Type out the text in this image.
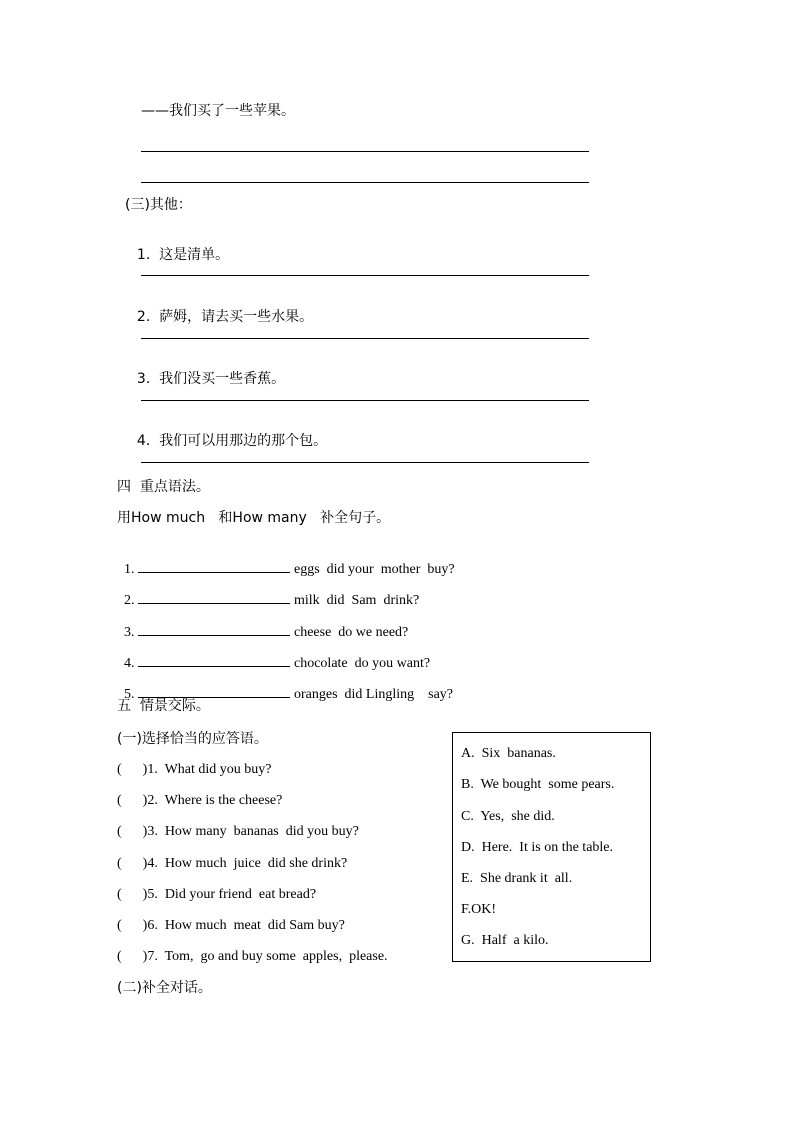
——我们买了一些苹果。
(三)其他：

1. 这是清单。

2. 萨姆，请去买一些水果。

3. 我们没买一些香蕉。

4. 我们可以用那边的那个包。

四  重点语法。
用How much   和How many   补全句子。

1.	eggs  did your  mother  buy?

2.	milk  did  Sam  drink?

3.	cheese  do we need?

4.	chocolate  do you want?

5.	oranges  did Lingling    say?

五  情景交际。
(一)选择恰当的应答语。
(      )1.  What did you buy?
(      )2.  Where is the cheese?
(      )3.  How many  bananas  did you buy?
(      )4.  How much  juice  did she drink?
(      )5.  Did your friend  eat bread?
(      )6.  How much  meat  did Sam buy?
(      )7.  Tom,  go and buy some  apples,  please.
A.  Six  bananas.
B.  We bought  some pears.
C.  Yes,  she did.
D.  Here.  It is on the table.
E.  She drank it  all.
F.OK!
G.  Half  a kilo.
(二)补全对话。
